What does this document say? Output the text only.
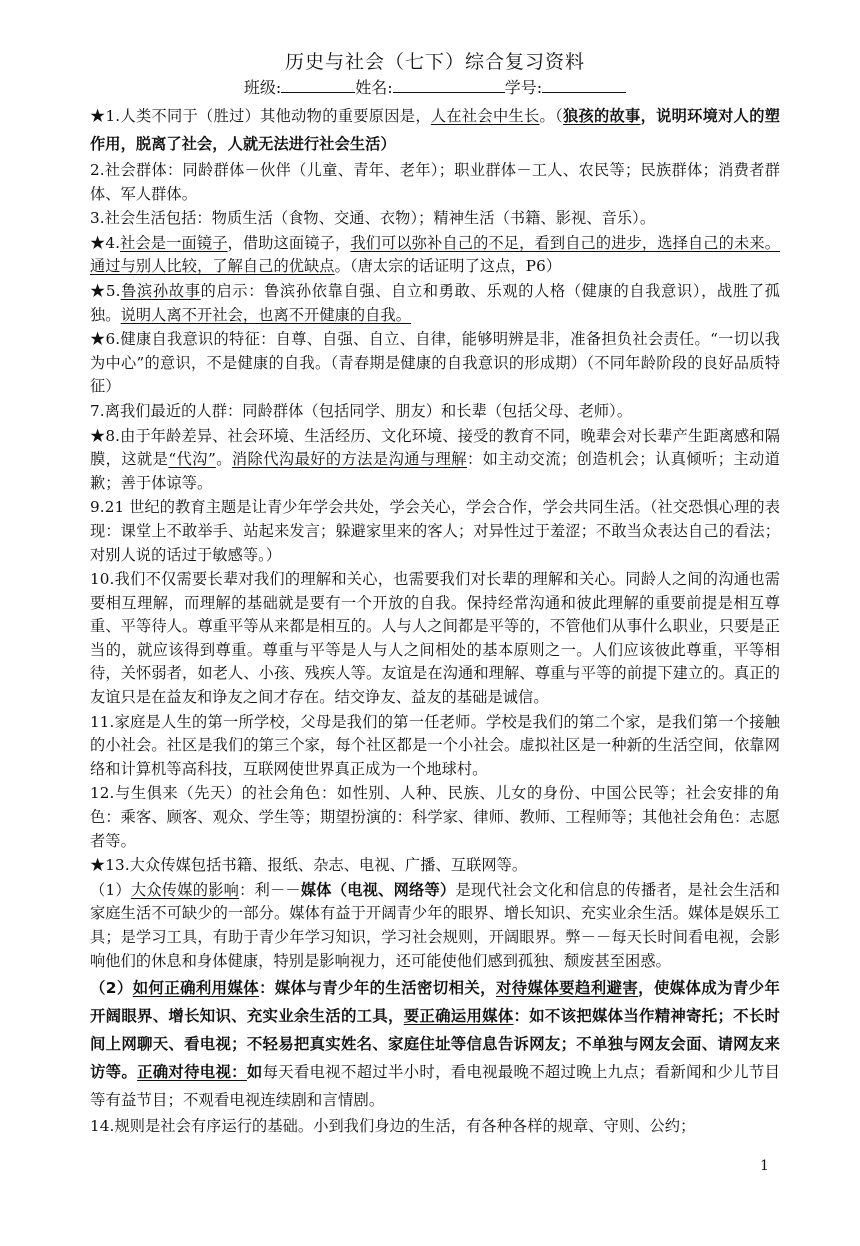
历史与社会（七下）综合复习资料
班级:	姓名:	学号:

★1.人类不同于（胜过）其他动物的重要原因是，人在社会中生长。（狼孩的故事，说明环境对人的塑作用，脱离了社会，人就无法进行社会生活）

2.社会群体：同龄群体－伙伴（儿童、青年、老年）；职业群体－工人、农民等；民族群体；消费者群体、军人群体。

3.社会生活包括：物质生活（食物、交通、衣物）；精神生活（书籍、影视、音乐）。

★4.社会是一面镜子，借助这面镜子，我们可以弥补自己的不足，看到自己的进步，选择自己的未来。通过与别人比较，了解自己的优缺点。（唐太宗的话证明了这点，P6）

★5.鲁滨孙故事的启示：鲁滨孙依靠自强、自立和勇敢、乐观的人格（健康的自我意识），战胜了孤独。说明人离不开社会，也离不开健康的自我。

★6.健康自我意识的特征：自尊、自强、自立、自律，能够明辨是非，准备担负社会责任。“一切以我为中心”的意识，不是健康的自我。（青春期是健康的自我意识的形成期）（不同年龄阶段的良好品质特征）

7.离我们最近的人群：同龄群体（包括同学、朋友）和长辈（包括父母、老师）。

★8.由于年龄差异、社会环境、生活经历、文化环境、接受的教育不同，晚辈会对长辈产生距离感和隔膜，这就是“代沟”。消除代沟最好的方法是沟通与理解：如主动交流；创造机会；认真倾听；主动道歉；善于体谅等。

9.21 世纪的教育主题是让青少年学会共处，学会关心，学会合作，学会共同生活。（社交恐惧心理的表现：课堂上不敢举手、站起来发言；躲避家里来的客人；对异性过于羞涩；不敢当众表达自己的看法；对别人说的话过于敏感等。）

10.我们不仅需要长辈对我们的理解和关心，也需要我们对长辈的理解和关心。同龄人之间的沟通也需要相互理解，而理解的基础就是要有一个开放的自我。保持经常沟通和彼此理解的重要前提是相互尊重、平等待人。尊重平等从来都是相互的。人与人之间都是平等的，不管他们从事什么职业，只要是正当的，就应该得到尊重。尊重与平等是人与人之间相处的基本原则之一。人们应该彼此尊重，平等相待，关怀弱者，如老人、小孩、残疾人等。友谊是在沟通和理解、尊重与平等的前提下建立的。真正的友谊只是在益友和诤友之间才存在。结交诤友、益友的基础是诚信。

11.家庭是人生的第一所学校，父母是我们的第一任老师。学校是我们的第二个家，是我们第一个接触的小社会。社区是我们的第三个家，每个社区都是一个小社会。虚拟社区是一种新的生活空间，依靠网络和计算机等高科技，互联网使世界真正成为一个地球村。

12.与生俱来（先天）的社会角色：如性别、人种、民族、儿女的身份、中国公民等；社会安排的角色：乘客、顾客、观众、学生等；期望扮演的：科学家、律师、教师、工程师等；其他社会角色：志愿者等。

★13.大众传媒包括书籍、报纸、杂志、电视、广播、互联网等。

（1）大众传媒的影响：利－－媒体（电视、网络等）是现代社会文化和信息的传播者，是社会生活和家庭生活不可缺少的一部分。媒体有益于开阔青少年的眼界、增长知识、充实业余生活。媒体是娱乐工具；是学习工具，有助于青少年学习知识，学习社会规则，开阔眼界。弊－－每天长时间看电视，会影响他们的休息和身体健康，特别是影响视力，还可能使他们感到孤独、颓废甚至困惑。

（2）如何正确利用媒体：媒体与青少年的生活密切相关，对待媒体要趋利避害，使媒体成为青少年开阔眼界、增长知识、充实业余生活的工具，要正确运用媒体：如不该把媒体当作精神寄托；不长时间上网聊天、看电视；不轻易把真实姓名、家庭住址等信息告诉网友；不单独与网友会面、请网友来访等。正确对待电视：如每天看电视不超过半小时，看电视最晚不超过晚上九点；看新闻和少儿节目等有益节目；不观看电视连续剧和言情剧。

14.规则是社会有序运行的基础。小到我们身边的生活，有各种各样的规章、守则、公约；

1
